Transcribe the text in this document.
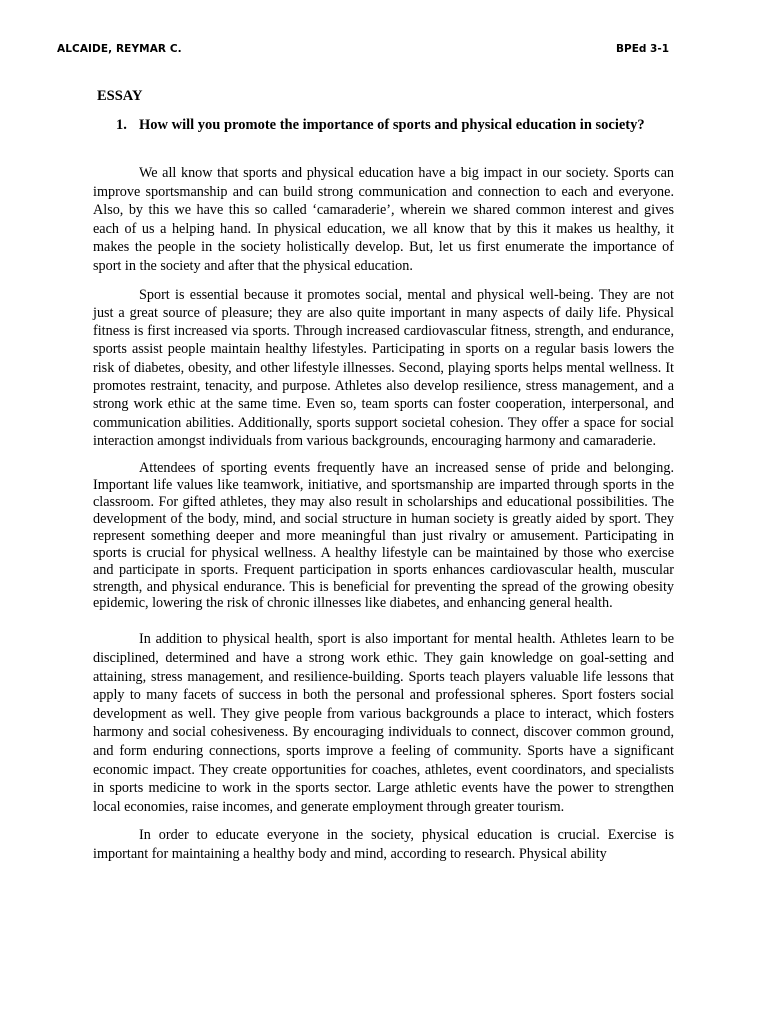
ALCAIDE, REYMAR C.	BPEd 3-1
ESSAY
1. How will you promote the importance of sports and physical education in society?

We all know that sports and physical education have a big impact in our society. Sports can improve sportsmanship and can build strong communication and connection to each and everyone. Also, by this we have this so called ‘camaraderie’, wherein we shared common interest and gives each of us a helping hand. In physical education, we all know that by this it makes us healthy, it makes the people in the society holistically develop. But, let us first enumerate the importance of sport in the society and after that the physical education.

Sport is essential because it promotes social, mental and physical well-being. They are not just a great source of pleasure; they are also quite important in many aspects of daily life. Physical fitness is first increased via sports. Through increased cardiovascular fitness, strength, and endurance, sports assist people maintain healthy lifestyles. Participating in sports on a regular basis lowers the risk of diabetes, obesity, and other lifestyle illnesses. Second, playing sports helps mental wellness. It promotes restraint, tenacity, and purpose. Athletes also develop resilience, stress management, and a strong work ethic at the same time. Even so, team sports can foster cooperation, interpersonal, and communication abilities. Additionally, sports support societal cohesion. They offer a space for social interaction amongst individuals from various backgrounds, encouraging harmony and camaraderie.

Attendees of sporting events frequently have an increased sense of pride and belonging. Important life values like teamwork, initiative, and sportsmanship are imparted through sports in the classroom. For gifted athletes, they may also result in scholarships and educational possibilities. The development of the body, mind, and social structure in human society is greatly aided by sport. They represent something deeper and more meaningful than just rivalry or amusement. Participating in sports is crucial for physical wellness. A healthy lifestyle can be maintained by those who exercise and participate in sports. Frequent participation in sports enhances cardiovascular health, muscular strength, and physical endurance. This is beneficial for preventing the spread of the growing obesity epidemic, lowering the risk of chronic illnesses like diabetes, and enhancing general health.

In addition to physical health, sport is also important for mental health. Athletes learn to be disciplined, determined and have a strong work ethic. They gain knowledge on goal-setting and attaining, stress management, and resilience-building. Sports teach players valuable life lessons that apply to many facets of success in both the personal and professional spheres. Sport fosters social development as well. They give people from various backgrounds a place to interact, which fosters harmony and social cohesiveness. By encouraging individuals to connect, discover common ground, and form enduring connections, sports improve a feeling of community. Sports have a significant economic impact. They create opportunities for coaches, athletes, event coordinators, and specialists in sports medicine to work in the sports sector. Large athletic events have the power to strengthen local economies, raise incomes, and generate employment through greater tourism.

In order to educate everyone in the society, physical education is crucial. Exercise is important for maintaining a healthy body and mind, according to research. Physical ability
